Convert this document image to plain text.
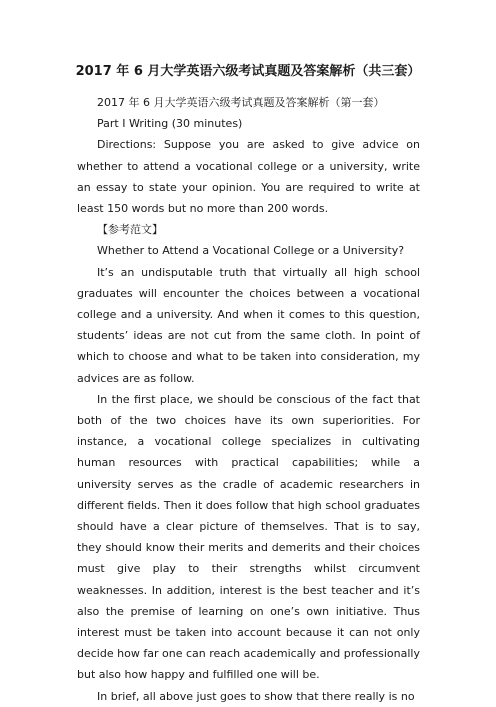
2017 年 6 月大学英语六级考试真题及答案解析（共三套）

2017 年 6 月大学英语六级考试真题及答案解析（第一套）

Part I Writing (30 minutes)

Directions: Suppose you are asked to give advice on whether to attend a vocational college or a university, write an essay to state your opinion. You are required to write at least 150 words but no more than 200 words.

【参考范文】

Whether to Attend a Vocational College or a University?

It’s an undisputable truth that virtually all high school graduates will encounter the choices between a vocational college and a university. And when it comes to this question, students’ ideas are not cut from the same cloth. In point of which to choose and what to be taken into consideration, my advices are as follow.

In the first place, we should be conscious of the fact that both of the two choices have its own superiorities. For instance, a vocational college specializes in cultivating human resources with practical capabilities; while a university serves as the cradle of academic researchers in different fields. Then it does follow that high school graduates should have a clear picture of themselves. That is to say, they should know their merits and demerits and their choices must give play to their strengths whilst circumvent weaknesses. In addition, interest is the best teacher and it’s also the premise of learning on one’s own initiative. Thus interest must be taken into account because it can not only decide how far one can reach academically and professionally but also how happy and fulfilled one will be.

In brief, all above just goes to show that there really is no
